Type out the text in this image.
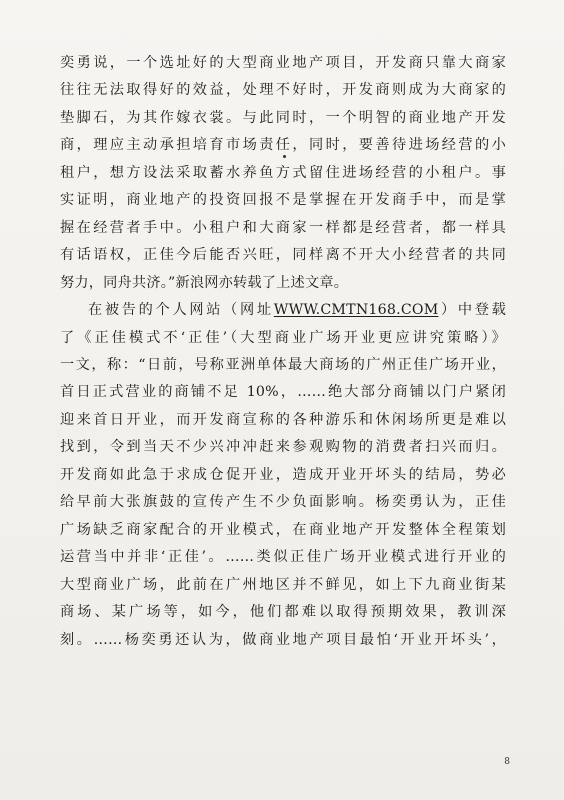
奕勇说，一个选址好的大型商业地产项目，开发商只靠大商家
往往无法取得好的效益，处理不好时，开发商则成为大商家的
垫脚石，为其作嫁衣裳。与此同时，一个明智的商业地产开发
商，理应主动承担培育市场责任，同时，要善待进场经营的小
租户，想方设法采取蓄水养鱼方式留住进场经营的小租户。事
实证明，商业地产的投资回报不是掌握在开发商手中，而是掌
握在经营者手中。小租户和大商家一样都是经营者，都一样具
有话语权，正佳今后能否兴旺，同样离不开大小经营者的共同
努力，同舟共济。”新浪网亦转载了上述文章。

在被告的个人网站（网址WWW.CMTN168.COM）中登载
了《正佳模式不‘正佳’（大型商业广场开业更应讲究策略）》
一文，称：“日前，号称亚洲单体最大商场的广州正佳广场开业，
首日正式营业的商铺不足 10%，……绝大部分商铺以门户紧闭
迎来首日开业，而开发商宣称的各种游乐和休闲场所更是难以
找到，令到当天不少兴冲冲赶来参观购物的消费者扫兴而归。
开发商如此急于求成仓促开业，造成开业开坏头的结局，势必
给早前大张旗鼓的宣传产生不少负面影响。杨奕勇认为，正佳
广场缺乏商家配合的开业模式，在商业地产开发整体全程策划
运营当中并非‘正佳’。……类似正佳广场开业模式进行开业的
大型商业广场，此前在广州地区并不鲜见，如上下九商业街某
商场、某广场等，如今，他们都难以取得预期效果，教训深
刻。……杨奕勇还认为，做商业地产项目最怕‘开业开坏头’，

8
